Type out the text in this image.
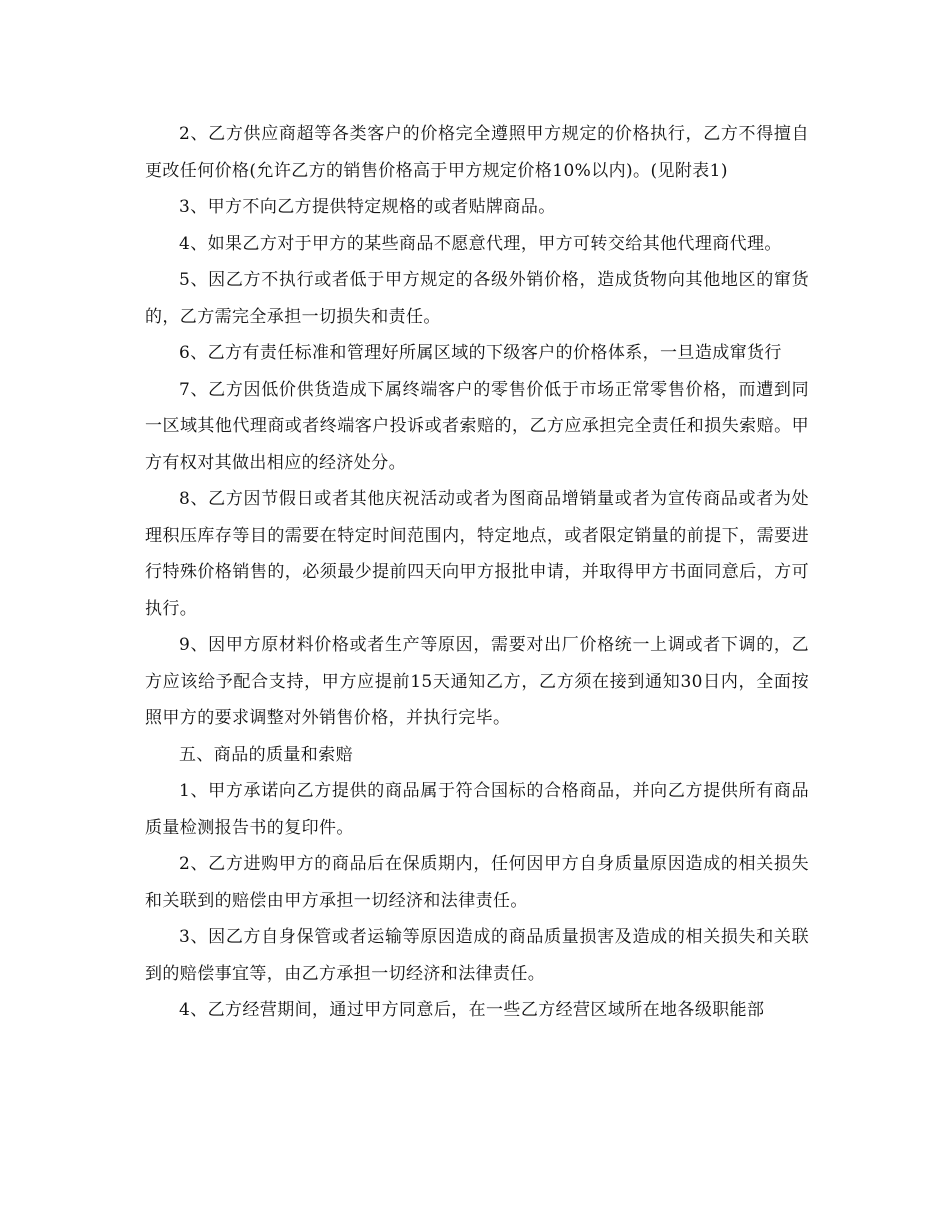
2、乙方供应商超等各类客户的价格完全遵照甲方规定的价格执行，乙方不得擅自更改任何价格(允许乙方的销售价格高于甲方规定价格10%以内)。(见附表1)

3、甲方不向乙方提供特定规格的或者贴牌商品。

4、如果乙方对于甲方的某些商品不愿意代理，甲方可转交给其他代理商代理。

5、因乙方不执行或者低于甲方规定的各级外销价格，造成货物向其他地区的窜货的，乙方需完全承担一切损失和责任。

6、乙方有责任标准和管理好所属区域的下级客户的价格体系，一旦造成窜货行

7、乙方因低价供货造成下属终端客户的零售价低于市场正常零售价格，而遭到同一区域其他代理商或者终端客户投诉或者索赔的，乙方应承担完全责任和损失索赔。甲方有权对其做出相应的经济处分。

8、乙方因节假日或者其他庆祝活动或者为图商品增销量或者为宣传商品或者为处理积压库存等目的需要在特定时间范围内，特定地点，或者限定销量的前提下，需要进行特殊价格销售的，必须最少提前四天向甲方报批申请，并取得甲方书面同意后，方可执行。

9、因甲方原材料价格或者生产等原因，需要对出厂价格统一上调或者下调的，乙方应该给予配合支持，甲方应提前15天通知乙方，乙方须在接到通知30日内，全面按照甲方的要求调整对外销售价格，并执行完毕。

五、商品的质量和索赔

1、甲方承诺向乙方提供的商品属于符合国标的合格商品，并向乙方提供所有商品质量检测报告书的复印件。

2、乙方进购甲方的商品后在保质期内，任何因甲方自身质量原因造成的相关损失和关联到的赔偿由甲方承担一切经济和法律责任。

3、因乙方自身保管或者运输等原因造成的商品质量损害及造成的相关损失和关联到的赔偿事宜等，由乙方承担一切经济和法律责任。

4、乙方经营期间，通过甲方同意后，在一些乙方经营区域所在地各级职能部
